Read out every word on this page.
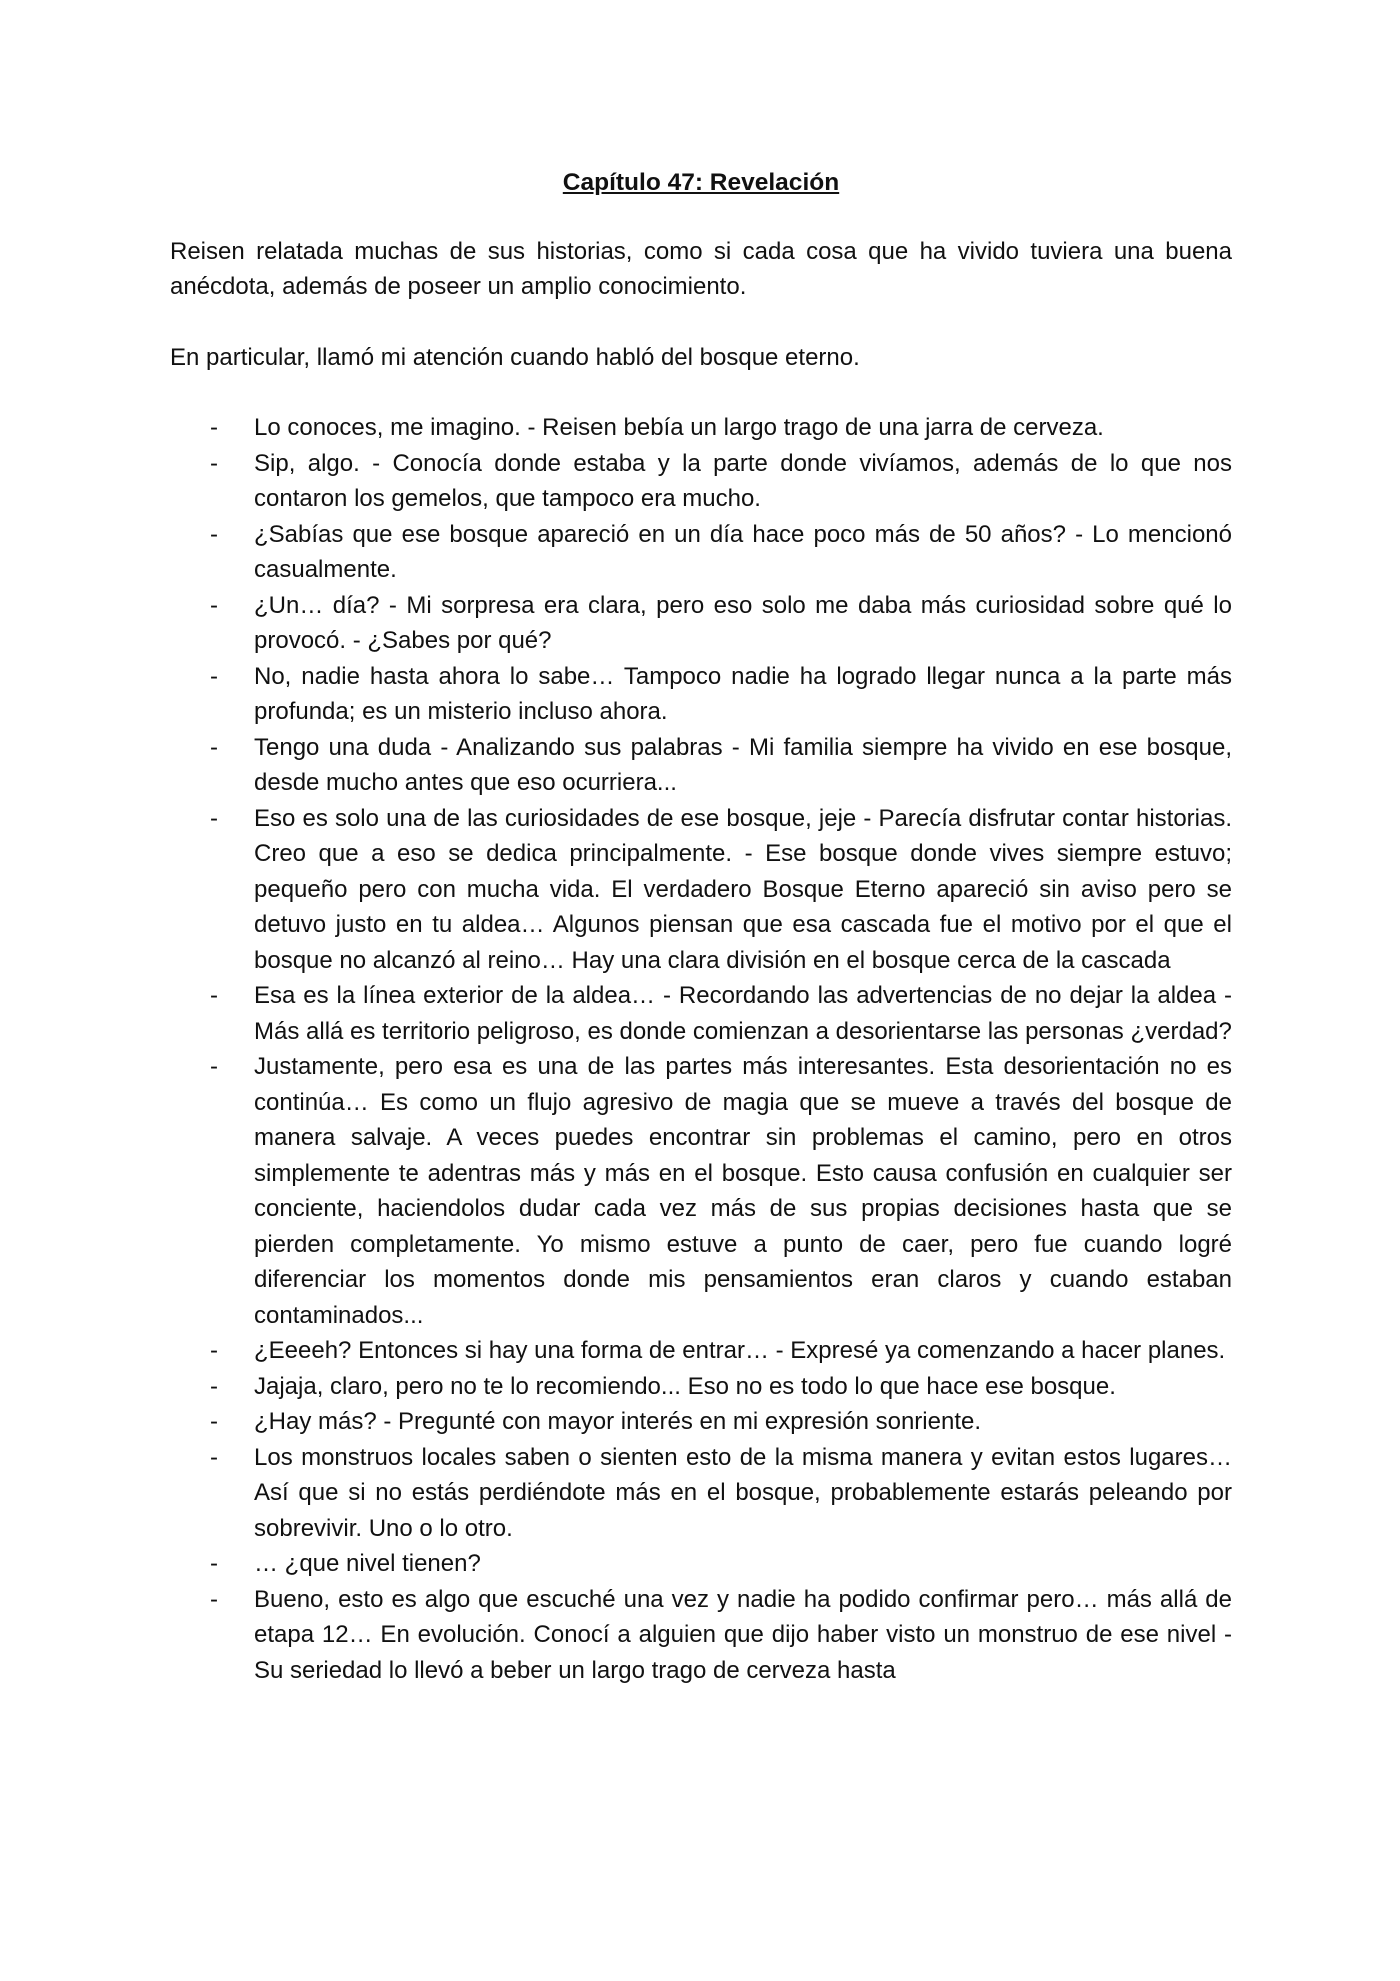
Capítulo 47: Revelación

Reisen relatada muchas de sus historias, como si cada cosa que ha vivido tuviera una buena anécdota, además de poseer un amplio conocimiento.

En particular, llamó mi atención cuando habló del bosque eterno.

- Lo conoces, me imagino. - Reisen bebía un largo trago de una jarra de cerveza.
- Sip, algo. - Conocía donde estaba y la parte donde vivíamos, además de lo que nos contaron los gemelos, que tampoco era mucho.
- ¿Sabías que ese bosque apareció en un día hace poco más de 50 años? - Lo mencionó casualmente.
- ¿Un… día? - Mi sorpresa era clara, pero eso solo me daba más curiosidad sobre qué lo provocó. - ¿Sabes por qué?
- No, nadie hasta ahora lo sabe… Tampoco nadie ha logrado llegar nunca a la parte más profunda; es un misterio incluso ahora.
- Tengo una duda - Analizando sus palabras - Mi familia siempre ha vivido en ese bosque, desde mucho antes que eso ocurriera...
- Eso es solo una de las curiosidades de ese bosque, jeje - Parecía disfrutar contar historias. Creo que a eso se dedica principalmente. - Ese bosque donde vives siempre estuvo; pequeño pero con mucha vida. El verdadero Bosque Eterno apareció sin aviso pero se detuvo justo en tu aldea… Algunos piensan que esa cascada fue el motivo por el que el bosque no alcanzó al reino… Hay una clara división en el bosque cerca de la cascada
- Esa es la línea exterior de la aldea… - Recordando las advertencias de no dejar la aldea - Más allá es territorio peligroso, es donde comienzan a desorientarse las personas ¿verdad?
- Justamente, pero esa es una de las partes más interesantes. Esta desorientación no es continúa… Es como un flujo agresivo de magia que se mueve a través del bosque de manera salvaje. A veces puedes encontrar sin problemas el camino, pero en otros simplemente te adentras más y más en el bosque. Esto causa confusión en cualquier ser conciente, haciendolos dudar cada vez más de sus propias decisiones hasta que se pierden completamente. Yo mismo estuve a punto de caer, pero fue cuando logré diferenciar los momentos donde mis pensamientos eran claros y cuando estaban contaminados...
- ¿Eeeeh? Entonces si hay una forma de entrar… - Expresé ya comenzando a hacer planes.
- Jajaja, claro, pero no te lo recomiendo... Eso no es todo lo que hace ese bosque.
- ¿Hay más? - Pregunté con mayor interés en mi expresión sonriente.
- Los monstruos locales saben o sienten esto de la misma manera y evitan estos lugares… Así que si no estás perdiéndote más en el bosque, probablemente estarás peleando por sobrevivir. Uno o lo otro.
- … ¿que nivel tienen?
- Bueno, esto es algo que escuché una vez y nadie ha podido confirmar pero… más allá de etapa 12… En evolución. Conocí a alguien que dijo haber visto un monstruo de ese nivel - Su seriedad lo llevó a beber un largo trago de cerveza hasta
